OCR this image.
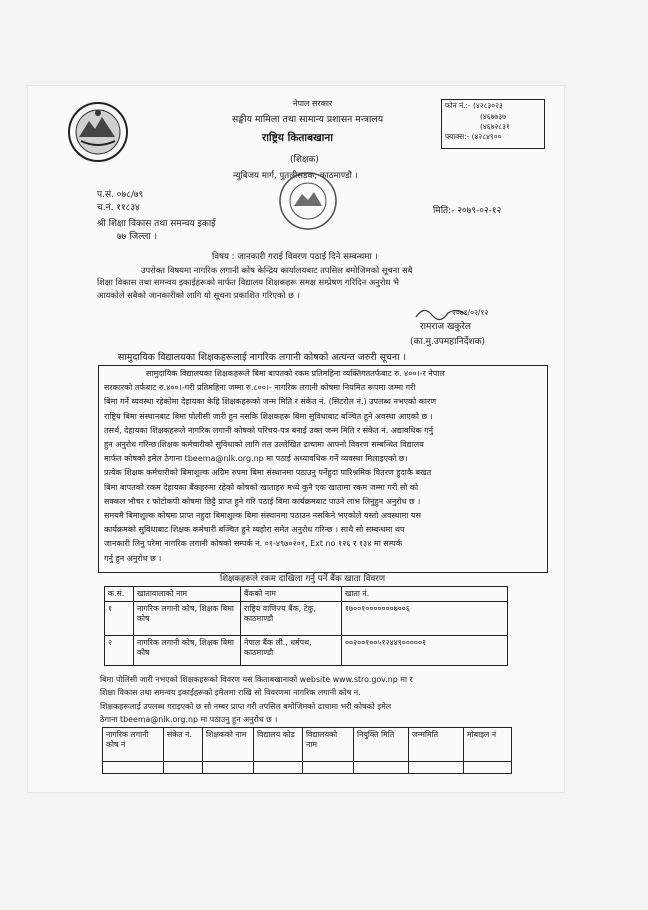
नेपाल सरकार
सङ्घीय मामिला तथा सामान्य प्रशासन मन्त्रालय
राष्ट्रिय किताबखाना
(शिक्षक)
न्युबिजय मार्ग, पुतलीसडक, काठमाण्डौ ।
फोन नं.:- (४२८३०२३
(४६७७३७
(४६७२८३१
फ्याक्स:- (४२८४९००
प.सं. ०७८/७९
च.नं. ११८३४
श्री शिक्षा विकास तथा समन्वय इकाई
७७ जिल्ला ।
मिति:- २०७९-०२-१२
विषय : जानकारी गराई विवरण पठाई दिने सम्बन्धमा ।
उपरोक्त विषयमा नागरिक लगानी कोष केन्द्रिय कार्यालयबाट तपसिल बमोजिमको सूचना सबै
शिक्षा विकास तथा समन्वय इकाईहरूको मार्फत विद्यालय शिक्षकहरू समक्ष सम्प्रेषण गरिदिन अनुरोध भै
आयकोले सबैको जानकारीको लागि यो सूचना प्रकाशित गरिएको छ ।
२०७९/०२/१२
रामराज खकुरेल
(का.मु.उपमहानिर्देशक)
सामुदायिक विद्यालयका शिक्षकहरूलाई नागरिक लगानी कोषको अत्यन्त जरुरी सूचना ।
सामुदायिक विद्यालयका शिक्षकहरूले बिमा बापतको रकम प्रतिमहिना व्यक्तिगततर्फबाट रु. ४००।-र नेपाल
सरकारको तर्फबाट रु.४००।-गरी प्रतिमहिना जम्मा रु.८००।- नागरिक लगानी कोषमा नियमित रूपमा जम्मा गरी
बिमा गर्ने व्यवस्था रहेकोमा देहायका केहि शिक्षकहरूको जन्म मिति र संकेत नं. (सिटरोल नं.) उपलब्ध नभएको कारण
राष्ट्रिय बिमा संस्थानबाट बिमा पोलीसी जारी हुन नसकि शिक्षकहरू बिमा सुविधाबाट बञ्चित हुने अवस्था आएको छ ।
तसर्थ, देहायका शिक्षकहरूले नागरिक लगानी कोषको परिचय-पत्र बनाई उक्त जन्म मिति र संकेत नं. अद्यावधिक गर्नु
हुन अनुरोध गरिन्छ।शिक्षक कर्मचारीको सुविधाको लागि तल उल्लेखित ढाचामा आफ्नो विवरण सम्बन्धित विद्यालय
मार्फत कोषको इमेल ठेगाना tbeema@nlk.org.np मा पठाई अध्यावधिक गर्ने व्यवस्था मिलाइएको छ।
प्रत्येक शिक्षक कर्मचारीको बिमाशुल्क अग्रिम रुपमा बिमा संस्थानमा पठाउनु पर्नेहुदा पारिश्रमिक वितरण हुदाकै बखत
बिमा बापतको रकम देहायका बैंकहरुमा रहेको कोषको खाताहरु मध्ये कुनै एक खातामा रकम जम्मा गरी सो को
सक्कल भौचर र फोटोकपी कोषमा छिट्टै प्राप्त हुने गरि पठाई बिमा कार्यक्रमबाट पाउने लाभ लिनुहुन अनुरोध छ ।
समयमै बिमाशुल्क कोषमा प्राप्त नहुदा बिमाशुल्क बिमा संस्थानमा पठाउन नसकिने भएकोले यस्तो अवस्थामा यस
कार्यक्रमको सुविधाबाट शिक्षक कर्मचारी बञ्चित हुने व्यहोरा समेत अनुरोध गरिन्छ । साथै सो सम्बन्धमा थप
जानकारी लिनु परेमा नागरिक लगानी कोषको सम्पर्क नं. ०१-४९७०२०१, Ext no १२६ र १३४ मा सम्पर्क
गर्नु हुन अनुरोध छ ।
शिक्षकहरूले रकम दाखिला गर्नु पर्ने बैंक खाता विवरण
क.सं.	खातावालाको नाम	बैंकको नाम	खाता नं.
१	नागरिक लगानी कोष, शिक्षक बिमा कोष	राष्ट्रिय वाणिज्य बैंक, टेकु, काठमाण्डौ	१७००१०००००००७००६
२	नागरिक लगानी कोष, शिक्षक बिमा कोष	नेपाल बैंक ली., धर्मपथ, काठमाण्डौ	००२००१००५१२४४९०००००१
बिमा पोलिसी जारी नभएको शिक्षकहरूको विवरण यस किताबखानाको website www.stro.gov.np मा र
शिक्षा विकास तथा समन्वय इकाईहरूको इमेलमा राखि सो विवरणमा नागरिक लगानी कोष नं.
शिक्षकहरूलाई उपलब्ध गराइएको छ सो नम्बर प्राप्त गरी तपसिल बमोजिमको ढाचामा भरी कोषको इमेल
ठेगाना tbeema@nlk.org.np मा पठाउनु हुन अनुरोध छ ।
नागरिक लगानी कोष नं	संकेत नं.	शिक्षकको नाम	विद्यालय कोड	विद्यालयको नाम	नियुक्ति मिति	जन्ममिति	मोबाइल नं
